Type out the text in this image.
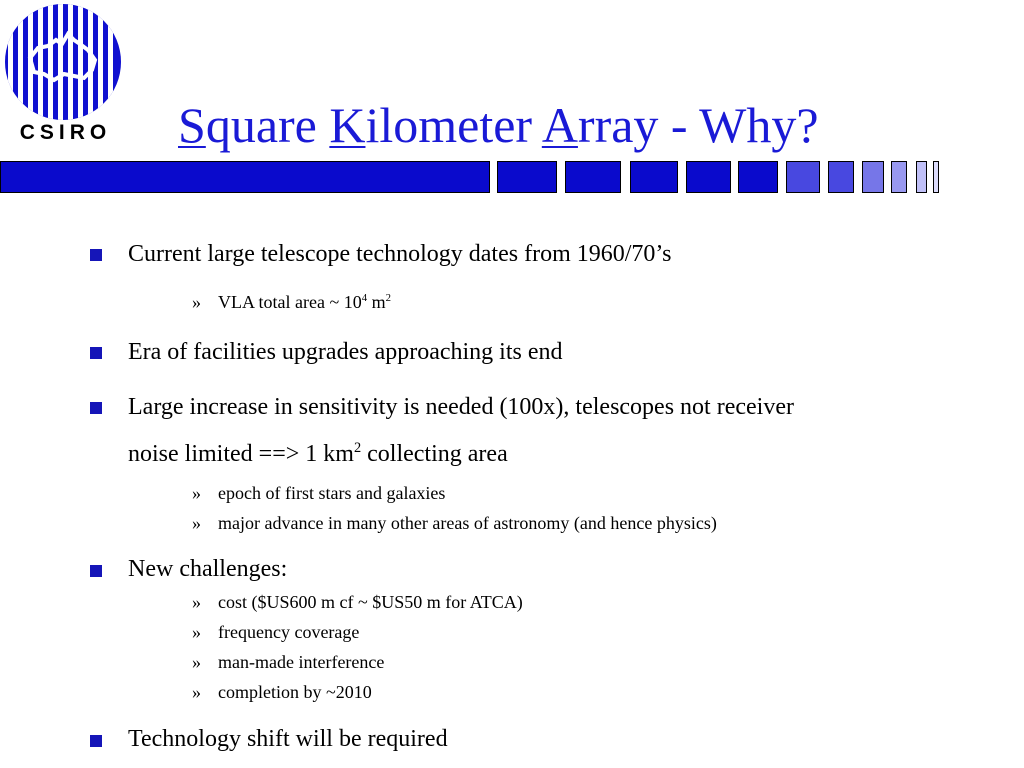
CSIRO Square Kilometer Array - Why?
Current large telescope technology dates from 1960/70’s
» VLA total area ~ $10^4$ $m^2$
Era of facilities upgrades approaching its end
Large increase in sensitivity is needed (100x), telescopes not receiver
noise limited ==> 1 $km^2$ collecting area
» epoch of first stars and galaxies
» major advance in many other areas of astronomy (and hence physics)
New challenges:
» cost ($US600 m cf ~ $US50 m for ATCA)
» frequency coverage
» man-made interference
» completion by ~2010
Technology shift will be required
